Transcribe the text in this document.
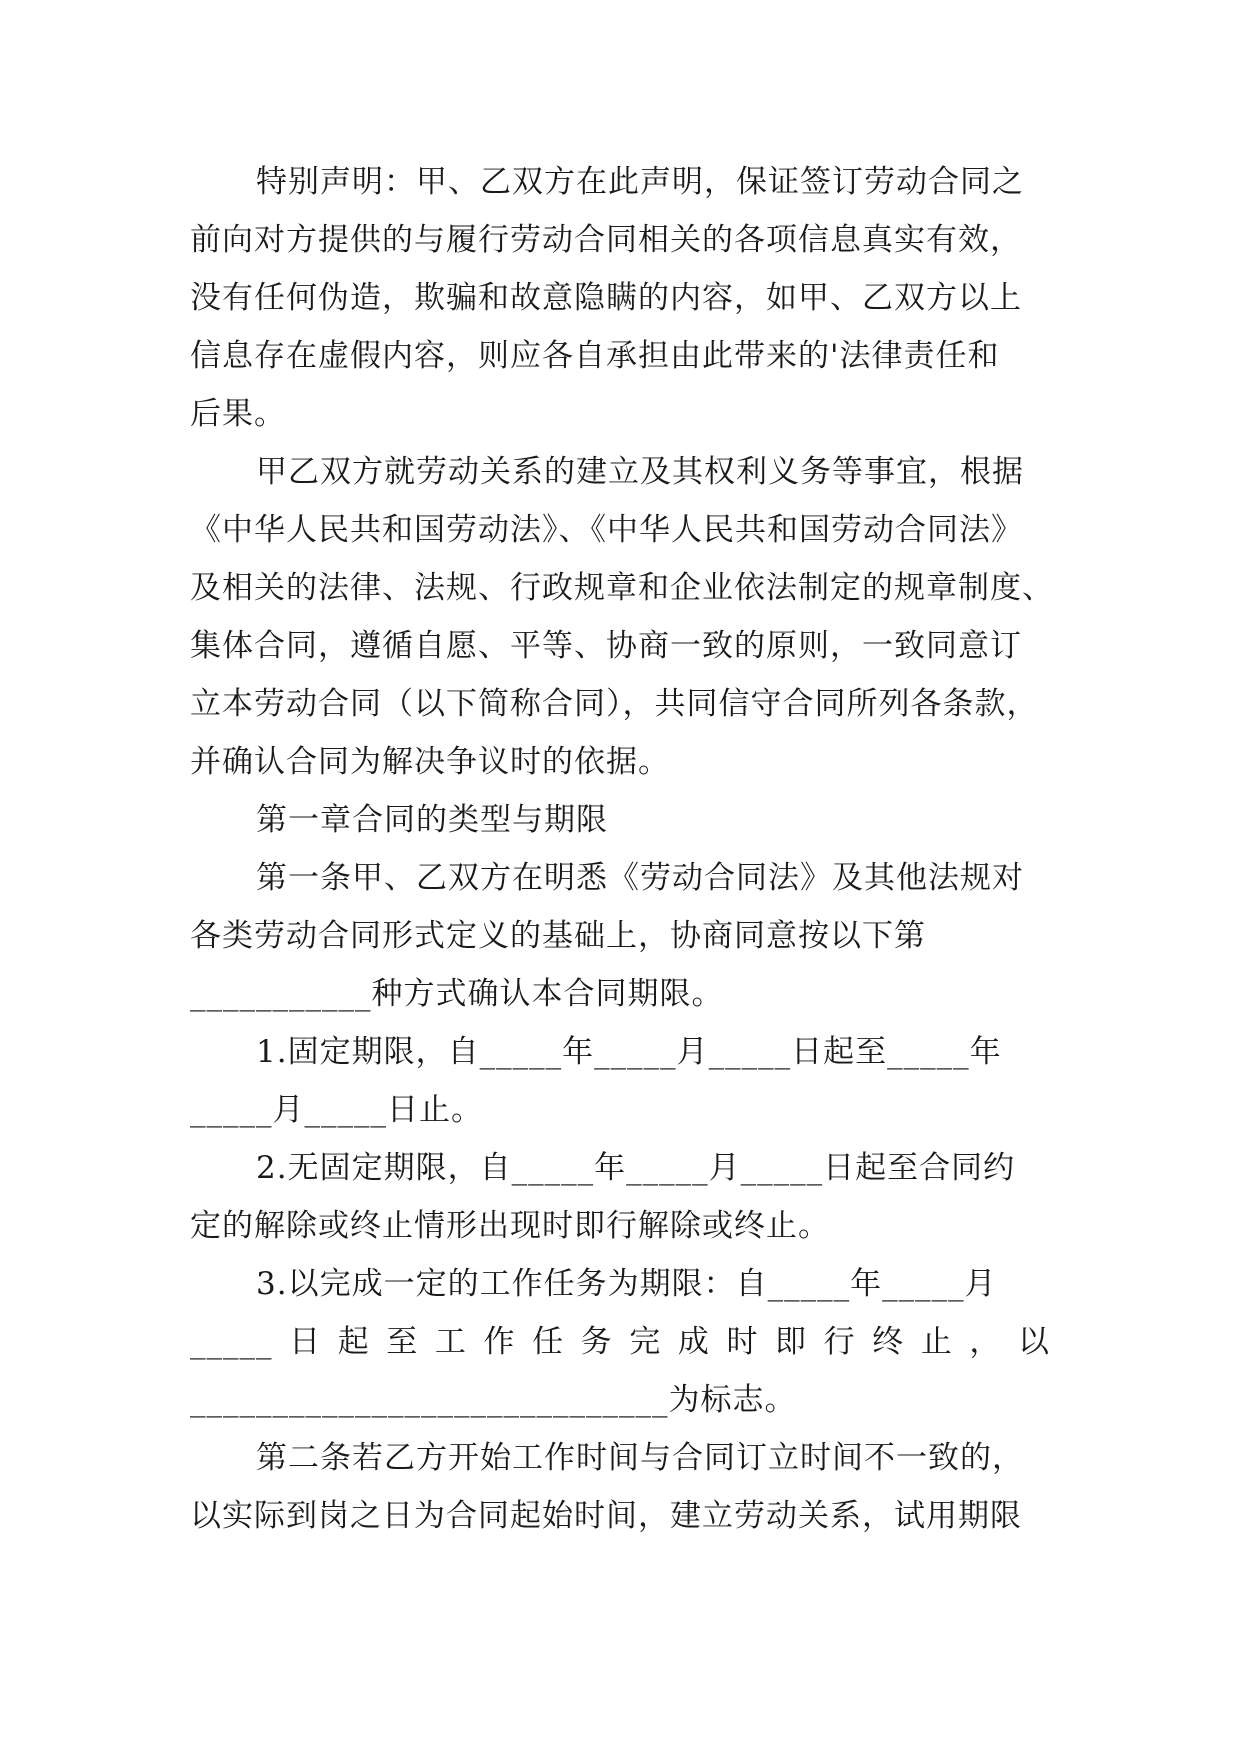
特别声明：甲、乙双方在此声明，保证签订劳动合同之
前向对方提供的与履行劳动合同相关的各项信息真实有效，
没有任何伪造，欺骗和故意隐瞒的内容，如甲、乙双方以上
信息存在虚假内容，则应各自承担由此带来的'法律责任和
后果。
甲乙双方就劳动关系的建立及其权利义务等事宜，根据
《中华人民共和国劳动法》、《中华人民共和国劳动合同法》
及相关的法律、法规、行政规章和企业依法制定的规章制度、
集体合同，遵循自愿、平等、协商一致的原则，一致同意订
立本劳动合同（以下简称合同），共同信守合同所列各条款，
并确认合同为解决争议时的依据。
第一章合同的类型与期限
第一条甲、乙双方在明悉《劳动合同法》及其他法规对
各类劳动合同形式定义的基础上，协商同意按以下第
___________种方式确认本合同期限。
1.固定期限，自_____年_____月_____日起至_____年
_____月_____日止。
2.无固定期限，自_____年_____月_____日起至合同约
定的解除或终止情形出现时即行解除或终止。
3.以完成一定的工作任务为期限：自_____年_____月
_____ 日 起 至 工 作 任 务 完 成 时 即 行 终 止 ， 以
_____________________________为标志。
第二条若乙方开始工作时间与合同订立时间不一致的，
以实际到岗之日为合同起始时间，建立劳动关系，试用期限
